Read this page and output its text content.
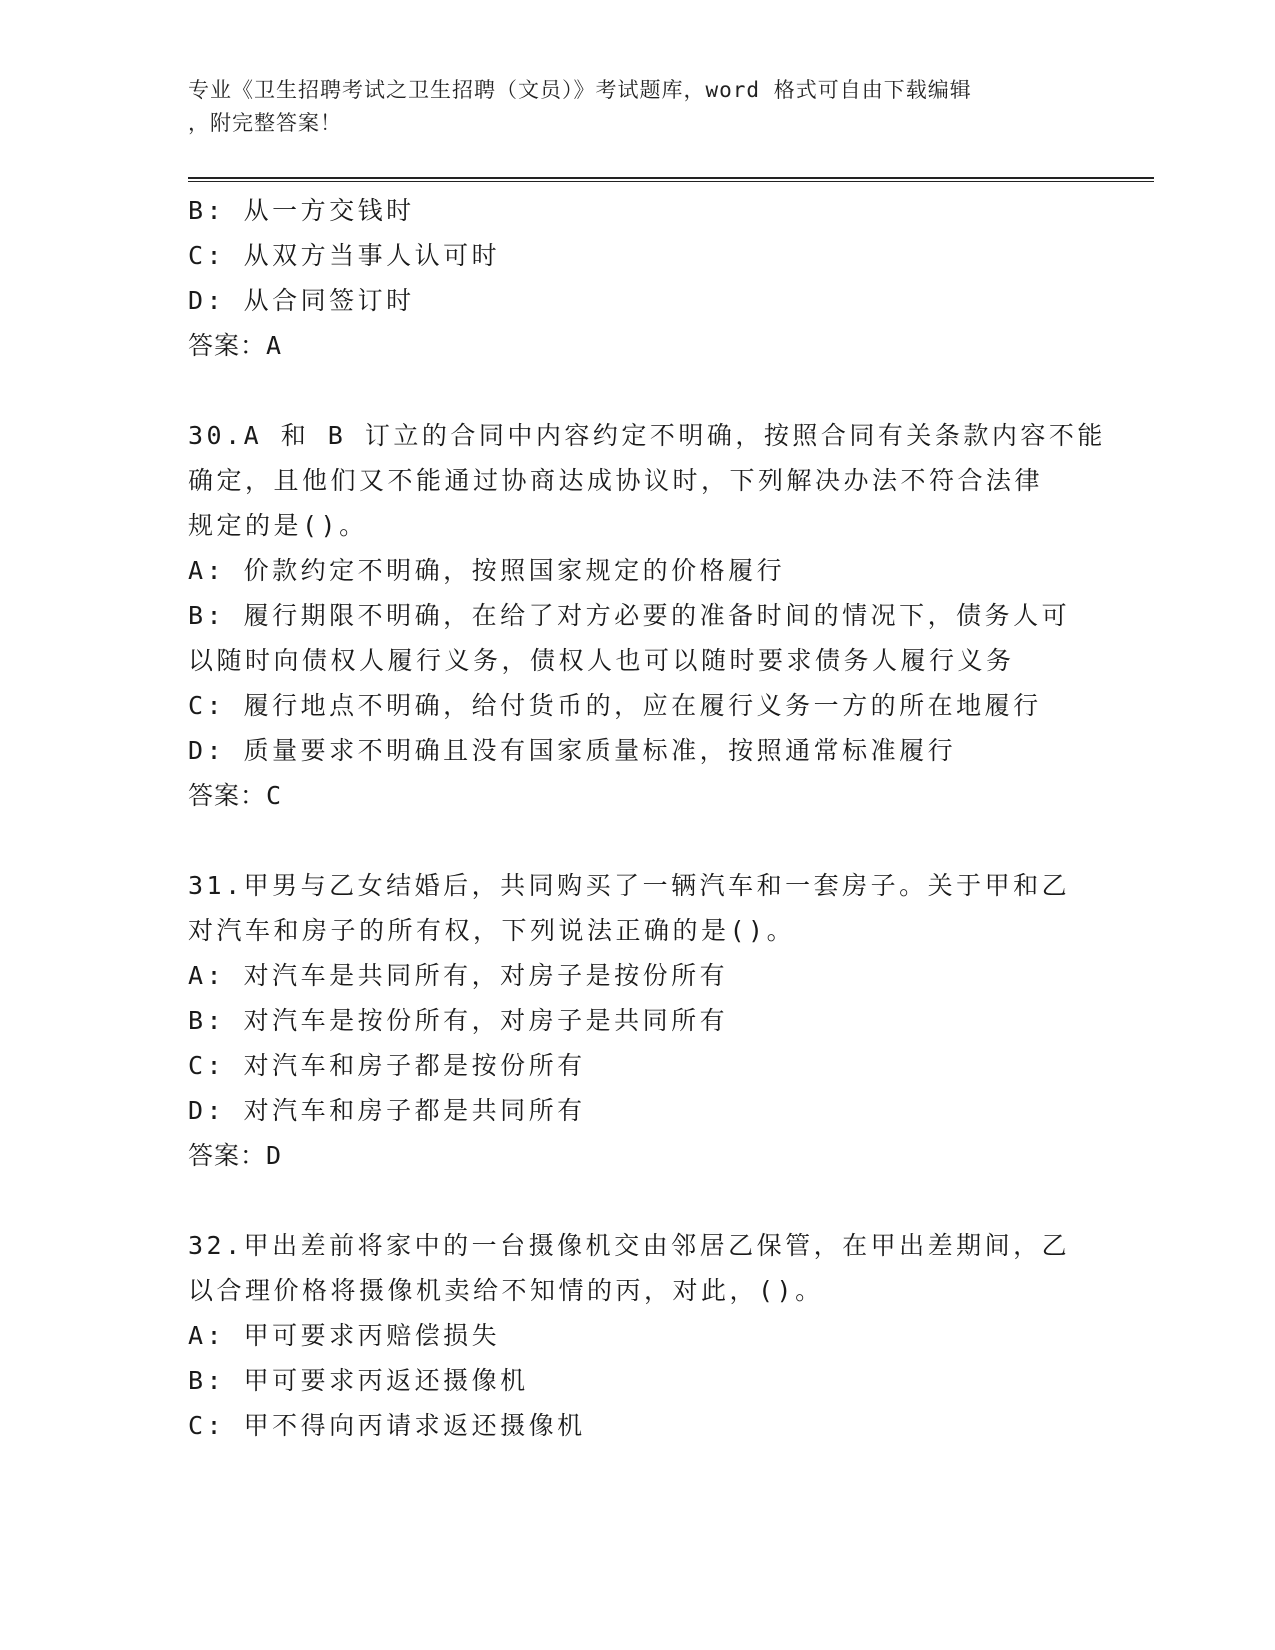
专业《卫生招聘考试之卫生招聘（文员）》考试题库，word 格式可自由下载编辑
，附完整答案！
B: 从一方交钱时
C: 从双方当事人认可时
D: 从合同签订时
答案：A
30.A 和 B 订立的合同中内容约定不明确，按照合同有关条款内容不能
确定，且他们又不能通过协商达成协议时，下列解决办法不符合法律
规定的是()。
A: 价款约定不明确，按照国家规定的价格履行
B: 履行期限不明确，在给了对方必要的准备时间的情况下，债务人可
以随时向债权人履行义务，债权人也可以随时要求债务人履行义务
C: 履行地点不明确，给付货币的，应在履行义务一方的所在地履行
D: 质量要求不明确且没有国家质量标准，按照通常标准履行
答案：C
31.甲男与乙女结婚后，共同购买了一辆汽车和一套房子。关于甲和乙
对汽车和房子的所有权，下列说法正确的是()。
A: 对汽车是共同所有，对房子是按份所有
B: 对汽车是按份所有，对房子是共同所有
C: 对汽车和房子都是按份所有
D: 对汽车和房子都是共同所有
答案：D
32.甲出差前将家中的一台摄像机交由邻居乙保管，在甲出差期间，乙
以合理价格将摄像机卖给不知情的丙，对此，()。
A: 甲可要求丙赔偿损失
B: 甲可要求丙返还摄像机
C: 甲不得向丙请求返还摄像机
